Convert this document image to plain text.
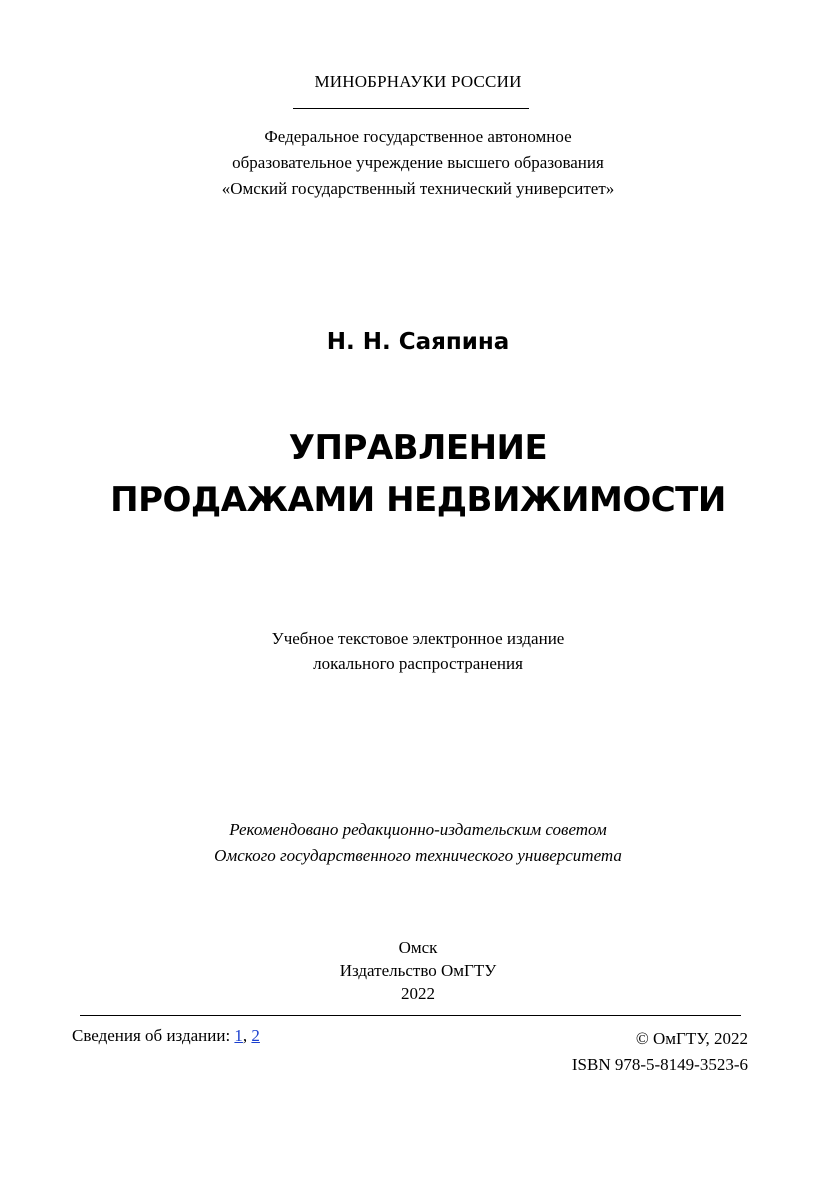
МИНОБРНАУКИ РОССИИ
Федеральное государственное автономное
образовательное учреждение высшего образования
«Омский государственный технический университет»
Н. Н. Саяпина
УПРАВЛЕНИЕ
ПРОДАЖАМИ НЕДВИЖИМОСТИ
Учебное текстовое электронное издание
локального распространения
Рекомендовано редакционно-издательским советом
Омского государственного технического университета
Омск
Издательство ОмГТУ
2022
Сведения об издании: 1, 2	© ОмГТУ, 2022
ISBN 978-5-8149-3523-6
